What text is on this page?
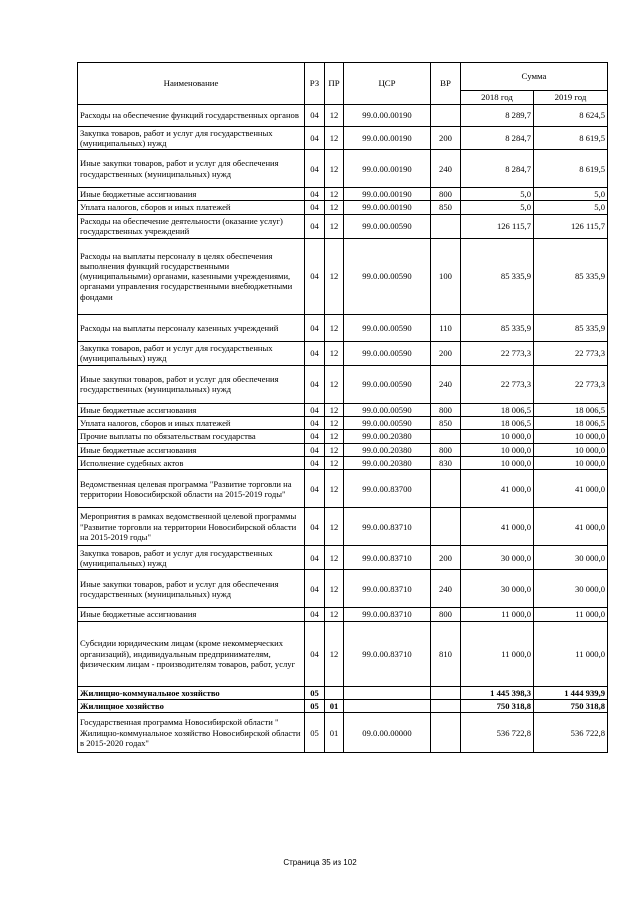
Наименование	РЗ	ПР	ЦСР	ВР	Сумма	
					2018 год	2019 год
Расходы на обеспечение функций государственных органов	04	12	99.0.00.00190		8 289,7	8 624,5
Закупка товаров, работ и услуг для государственных (муниципальных) нужд	04	12	99.0.00.00190	200	8 284,7	8 619,5
Иные закупки товаров, работ и услуг для обеспечения государственных (муниципальных) нужд	04	12	99.0.00.00190	240	8 284,7	8 619,5
Иные бюджетные ассигнования	04	12	99.0.00.00190	800	5,0	5,0
Уплата налогов, сборов и иных платежей	04	12	99.0.00.00190	850	5,0	5,0
Расходы на обеспечение деятельности (оказание услуг) государственных учреждений	04	12	99.0.00.00590		126 115,7	126 115,7
Расходы на выплаты персоналу в целях обеспечения выполнения функций государственными (муниципальными) органами, казенными учреждениями, органами управления государственными внебюджетными фондами	04	12	99.0.00.00590	100	85 335,9	85 335,9
Расходы на выплаты персоналу казенных учреждений	04	12	99.0.00.00590	110	85 335,9	85 335,9
Закупка товаров, работ и услуг для государственных (муниципальных) нужд	04	12	99.0.00.00590	200	22 773,3	22 773,3
Иные закупки товаров, работ и услуг для обеспечения государственных (муниципальных) нужд	04	12	99.0.00.00590	240	22 773,3	22 773,3
Иные бюджетные ассигнования	04	12	99.0.00.00590	800	18 006,5	18 006,5
Уплата налогов, сборов и иных платежей	04	12	99.0.00.00590	850	18 006,5	18 006,5
Прочие выплаты по обязательствам государства	04	12	99.0.00.20380		10 000,0	10 000,0
Иные бюджетные ассигнования	04	12	99.0.00.20380	800	10 000,0	10 000,0
Исполнение судебных актов	04	12	99.0.00.20380	830	10 000,0	10 000,0
Ведомственная целевая программа "Развитие торговли на территории Новосибирской области на 2015-2019 годы"	04	12	99.0.00.83700		41 000,0	41 000,0
Мероприятия в рамках ведомственной целевой программы "Развитие торговли на территории Новосибирской области на 2015-2019 годы"	04	12	99.0.00.83710		41 000,0	41 000,0
Закупка товаров, работ и услуг для государственных (муниципальных) нужд	04	12	99.0.00.83710	200	30 000,0	30 000,0
Иные закупки товаров, работ и услуг для обеспечения государственных (муниципальных) нужд	04	12	99.0.00.83710	240	30 000,0	30 000,0
Иные бюджетные ассигнования	04	12	99.0.00.83710	800	11 000,0	11 000,0
Субсидии юридическим лицам (кроме некоммерческих организаций), индивидуальным предпринимателям, физическим лицам - производителям товаров, работ, услуг	04	12	99.0.00.83710	810	11 000,0	11 000,0
Жилищно-коммунальное хозяйство	05				1 445 398,3	1 444 939,9
Жилищное хозяйство	05	01			750 318,8	750 318,8
Государственная программа Новосибирской области " Жилищно-коммунальное хозяйство Новосибирской области в 2015-2020 годах"	05	01	09.0.00.00000		536 722,8	536 722,8
Страница 35 из 102
